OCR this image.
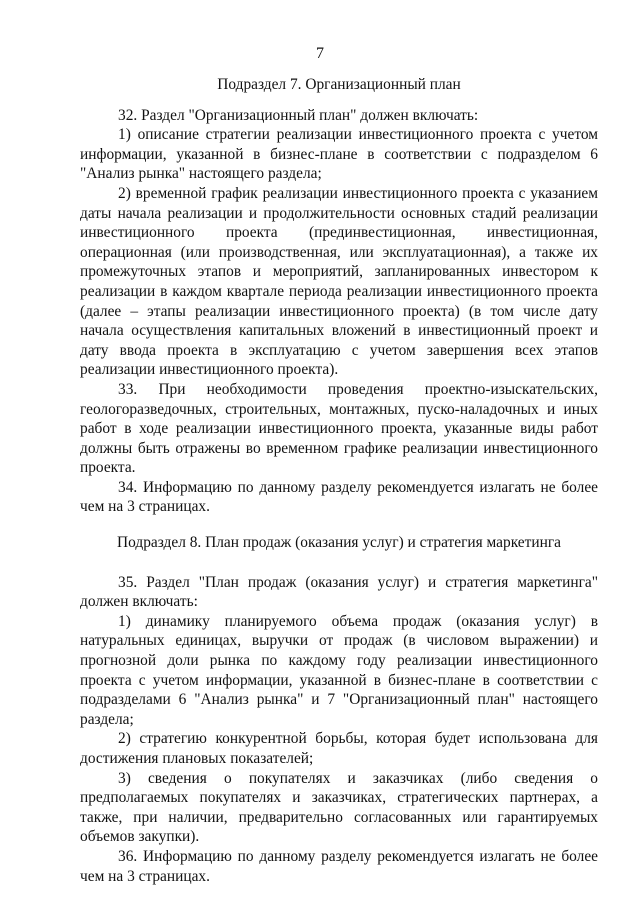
7
Подраздел 7. Организационный план

32. Раздел "Организационный план" должен включать:

1) описание стратегии реализации инвестиционного проекта с учетом информации, указанной в бизнес-плане в соответствии с подразделом 6 "Анализ рынка" настоящего раздела;

2) временной график реализации инвестиционного проекта с указанием даты начала реализации и продолжительности основных стадий реализации инвестиционного проекта (прединвестиционная, инвестиционная, операционная (или производственная, или эксплуатационная), а также их промежуточных этапов и мероприятий, запланированных инвестором к реализации в каждом квартале периода реализации инвестиционного проекта (далее – этапы реализации инвестиционного проекта) (в том числе дату начала осуществления капитальных вложений в инвестиционный проект и дату ввода проекта в эксплуатацию с учетом завершения всех этапов реализации инвестиционного проекта).

33. При необходимости проведения проектно-изыскательских, геологоразведочных, строительных, монтажных, пуско-наладочных и иных работ в ходе реализации инвестиционного проекта, указанные виды работ должны быть отражены во временном графике реализации инвестиционного проекта.

34. Информацию по данному разделу рекомендуется излагать не более чем на 3 страницах.

Подраздел 8. План продаж (оказания услуг) и стратегия маркетинга

35. Раздел "План продаж (оказания услуг) и стратегия маркетинга" должен включать:

1) динамику планируемого объема продаж (оказания услуг) в натуральных единицах, выручки от продаж (в числовом выражении) и прогнозной доли рынка по каждому году реализации инвестиционного проекта с учетом информации, указанной в бизнес-плане в соответствии с подразделами 6 "Анализ рынка" и 7 "Организационный план" настоящего раздела;

2) стратегию конкурентной борьбы, которая будет использована для достижения плановых показателей;

3) сведения о покупателях и заказчиках (либо сведения о предполагаемых покупателях и заказчиках, стратегических партнерах, а также, при наличии, предварительно согласованных или гарантируемых объемов закупки).

36. Информацию по данному разделу рекомендуется излагать не более чем на 3 страницах.
